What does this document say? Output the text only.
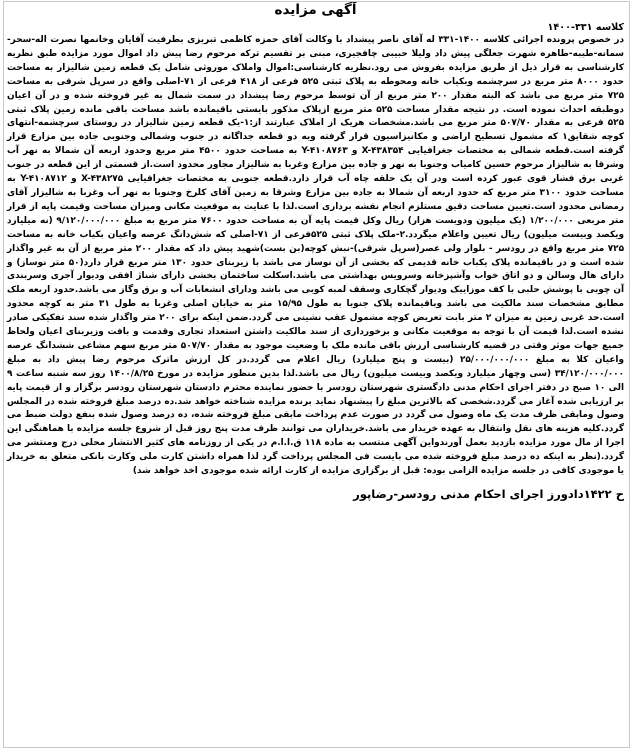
آگهی مزایده

کلاسه ۳۳۱-۱۴۰۰

در خصوص پرونده اجرائی کلاسه ۱۴۰۰-۳۳۱ له آقای ناصر پیشداد با وکالت آقای حمزه کاظمی تبریزی بطرفیت آقایان وخانمها نصرت اله-سحر-سمانه-طیبه-طاهره شهرت جعلگی پیش داد ولیلا حبیبی چافجیری، مبنی بر تقسیم ترکه مرحوم رضا پیش داد اموال مورد مزایده طبق نظریه کارشناسی به قرار ذیل از طریق مزایده بفروش می رود.نظریه کارشناسی:اموال واملاک موروثی شامل یک قطعه زمین شالیزار به مساحت حدود ۸۰۰۰ متر مربع در سرچشمه وبکیاب خانه ومحوطه به پلاک ثبتی ۵۲۵ فرعی از ۴۱۸ فرعی از ۷۱-اصلی واقع در سرپل شرقی به مساحت ۷۲۵ متر مربع می باشد که البته مقدار ۲۰۰ متر مربع از آن توسط مرحوم رضا پیشداد در سمت شمال به غیر فروخته شده و در آن اعیان دوطبقه احداث نموده است. در نتیجه مقدار مساحت ۵۲۵ متر مربع ازپلاک مذکور بایستی باقیمانده باشد مساحت باقی مانده زمین پلاک ثبتی ۵۲۵ فرعی به مقدار ۵۰۷/۷۰ متر مربع می باشد.مشخصات هریک از املاک عبارتند از:۱-یک قطعه زمین شالیزار در روستای سرچشمه-انتهای کوچه شقایق۱ که مشمول تسطیح اراضی و مکانیزاسیون قرار گرفته وبه دو قطعه جداگانه در جنوب وشمالی وجنوبی جاده بین مزارع قرار گرفته است.قطعه شمالی به مختصات جغرافیایی X-۴۳۸۳۵۴ و Y-۴۱۰۸۷۶۳ به مساحت حدود ۴۵۰۰ متر مربع وحدود اربعه آن شمالا به نهر آب وشرقا به شالیزار مرحوم حسین کامیاب وجنوبا به نهر و جاده بین مزارع وغربا به شالیزار مجاور محدود است.از قسمتی از این قطعه در جنوب غربی برق فشار قوی عبور کرده است ودر آن یک حلقه چاه آب قرار دارد.قطعه جنوبی به مختصات جغرافیایی X-۴۳۸۲۷۵ و Y-۴۱۰۸۷۱۲ به مساحت حدود ۳۱۰۰ متر مربع که حدود اربعه آن شمالا به جاده بین مزارع وشرقا به زمین آقای کلرخ وجنوبا به نهر آب وغربا به شالیزار آقای رمضانی محدود است.تعیین مساحت دقیق مستلزم انجام نقشه برداری است.لذا با عنایت به موقعیت مکانی ومیزان مساحت وقیمت پایه از قرار متر مربعی ۱/۲۰۰/۰۰۰ (یک میلیون ودویست هزار) ریال وکل قیمت پایه آن به مساحت حدود ۷۶۰۰ متر مربع به مبلغ ۹/۱۲۰/۰۰۰/۰۰۰ (نه میلیارد ویکصد وبیست میلیون) ریال تعیین واعلام میگردد.۲-ملک پلاک ثبتی ۵۲۵فرعی از ۷۱-اصلی که شش‌دانگ عرصه واعیان بکیاب خانه به مساحت ۷۲۵ متر مربع واقع در رودسر - بلوار ولی عصر(سرپل شرقی)-نبش کوچه(بن بست)شهید پیش داد که مقدار ۲۰۰ متر مربع از آن به غیر واگذار شده است و در باقیمانده پلاک یکباب خانه قدیمی که بخشی از آن نوساز می باشد با زیربنای حدود ۱۳۰ متر مربع قرار دارد(۵۰ متر نوساز) و دارای هال وسالن و دو اتاق خواب وآشپزخانه وسرویس بهداشتی می باشد.اسکلت ساختمان بخشی دارای شناژ افقی ودیوار آجری وسربندی آن چوبی با پوشش حلبی با کف موزاییک ودیوار گچکاری وسقف لمبه کوبی می باشد ودارای انشعابات آب و برق وگاز می باشد.حدود اربعه ملک مطابق مشخصات سند مالکیت می باشد وباقیمانده پلاک جنوبا به طول ۱۵/۹۵ متر به خیابان اصلی وغربا به طول ۳۱ متر به کوچه محدود است.حد غربی زمین به میزان ۲ متر بابت تعریض کوچه مشمول عقب نشینی می گردد.ضمن اینکه برای ۲۰۰ متر واگذار شده سند تفکیکی صادر نشده است.لذا قیمت آن با توجه به موقعیت مکانی و برخورداری از سند مالکیت داشتن استعداد تجاری وقدمت و بافت وزیربنای اعیان ولحاظ جمیع جهات موثر وقتی در قضیه کارشناسی ارزش باقی مانده ملک با وضعیت موجود به مقدار ۵۰۷/۷۰ متر مربع سهم مشاعی ششدانگ عرصه واعیان کلا به مبلغ ۲۵/۰۰۰/۰۰۰/۰۰۰ (بیست و پنج میلیارد) ریال اعلام می گردد.در کل ارزش ماترک مرحوم رضا پیش داد به مبلغ ۳۴/۱۲۰/۰۰۰/۰۰۰ (سی وچهار میلیارد ویکصد وبیست میلیون) ریال می باشد.لذا بدین منظور مزایده در مورخ ۱۴۰۰/۸/۲۵ روز سه شنبه ساعت ۹ الی ۱۰ صبح در دفتر اجرای احکام مدنی دادگستری شهرستان رودسر با حضور نماینده محترم دادستان شهرستان رودسر برگزار و از قیمت پایه بر ارزیابی شده آغاز می گردد.شخصی که بالاترین مبلغ را پیشنهاد نماید برنده مزایده شناخته خواهد شد.ده درصد مبلغ فروخته شده در المجلس وصول ومابقی ظرف مدت یک ماه وصول می گردد در صورت عدم پرداخت مابقی مبلغ فروخته شده، ده درصد وصول شده بنفع دولت ضبط می گردد.کلیه هزینه های نقل وانتقال به عهده خریدار می باشد.خریداران می توانند ظرف مدت پنج روز قبل از شروع جلسه مزایده با هماهنگی این اجرا از مال مورد مزایده بازدید بعمل آورندواین آگهی منتسب به ماده ۱۱۸ ق.ا.ا.م در یکی از روزنامه های کثیر الانتشار محلی درج ومنتشر می گردد.(نظر به اینکه ده درصد مبلغ فروخته شده می بایست فی المجلس پرداخت گرد لذا همراه داشتن کارت ملی وکارت بانکی متعلق به خریدار یا موجودی کافی در جلسه مزایده الزامی بوده: قبل از برگزاری مزایده از کارت ارائه شده موجودی اخذ خواهد شد)

ح ۱۴۲۲دادورز اجرای احکام مدنی رودسر-رضاپور
